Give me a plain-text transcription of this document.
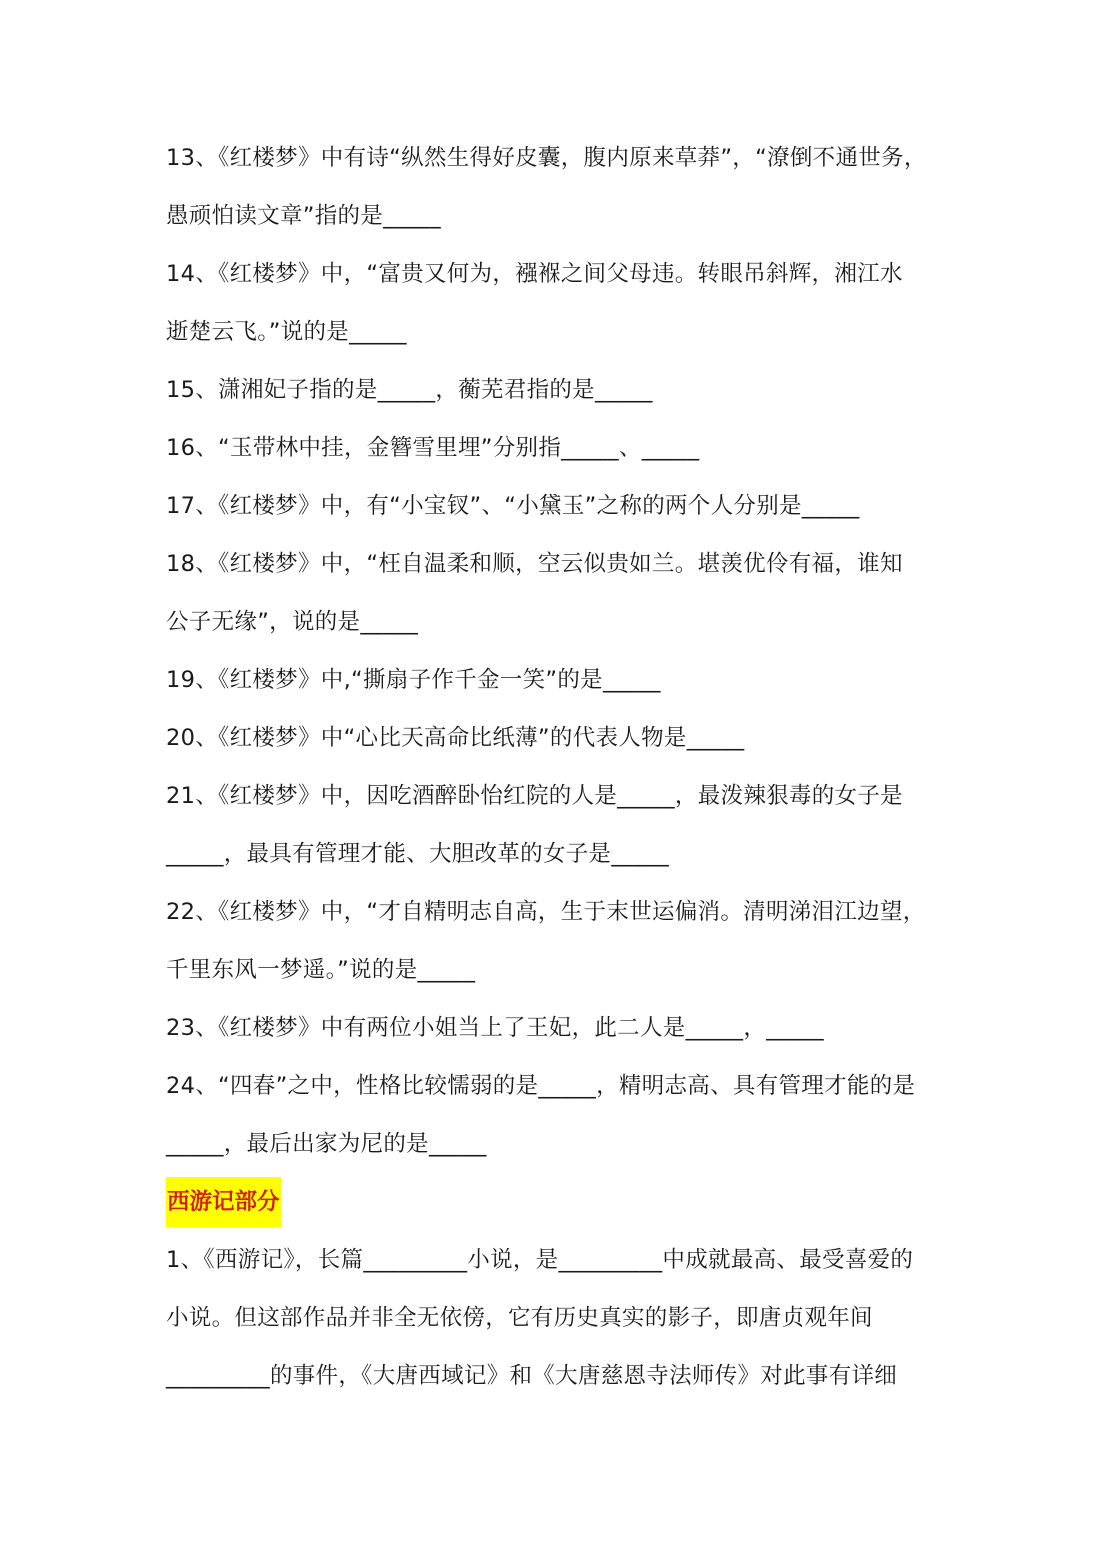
13、《红楼梦》中有诗“纵然生得好皮囊，腹内原来草莽”，“潦倒不通世务，
愚顽怕读文章”指的是_____
14、《红楼梦》中，“富贵又何为，襁褓之间父母违。转眼吊斜辉，湘江水
逝楚云飞。”说的是_____
15、潇湘妃子指的是_____，蘅芜君指的是_____
16、“玉带林中挂，金簪雪里埋”分别指_____、_____
17、《红楼梦》中，有“小宝钗”、“小黛玉”之称的两个人分别是_____
18、《红楼梦》中，“枉自温柔和顺，空云似贵如兰。堪羡优伶有福，谁知
公子无缘”，说的是_____
19、《红楼梦》中,“撕扇子作千金一笑”的是_____
20、《红楼梦》中“心比天高命比纸薄”的代表人物是_____
21、《红楼梦》中，因吃酒醉卧怡红院的人是_____，最泼辣狠毒的女子是
_____，最具有管理才能、大胆改革的女子是_____
22、《红楼梦》中，“才自精明志自高，生于末世运偏消。清明涕泪江边望，
千里东风一梦遥。”说的是_____
23、《红楼梦》中有两位小姐当上了王妃，此二人是_____，_____
24、“四春”之中，性格比较懦弱的是_____，精明志高、具有管理才能的是
_____，最后出家为尼的是_____
西游记部分
1、《西游记》，长篇_________小说，是_________中成就最高、最受喜爱的
小说。但这部作品并非全无依傍，它有历史真实的影子，即唐贞观年间
_________的事件，《大唐西域记》和《大唐慈恩寺法师传》对此事有详细
